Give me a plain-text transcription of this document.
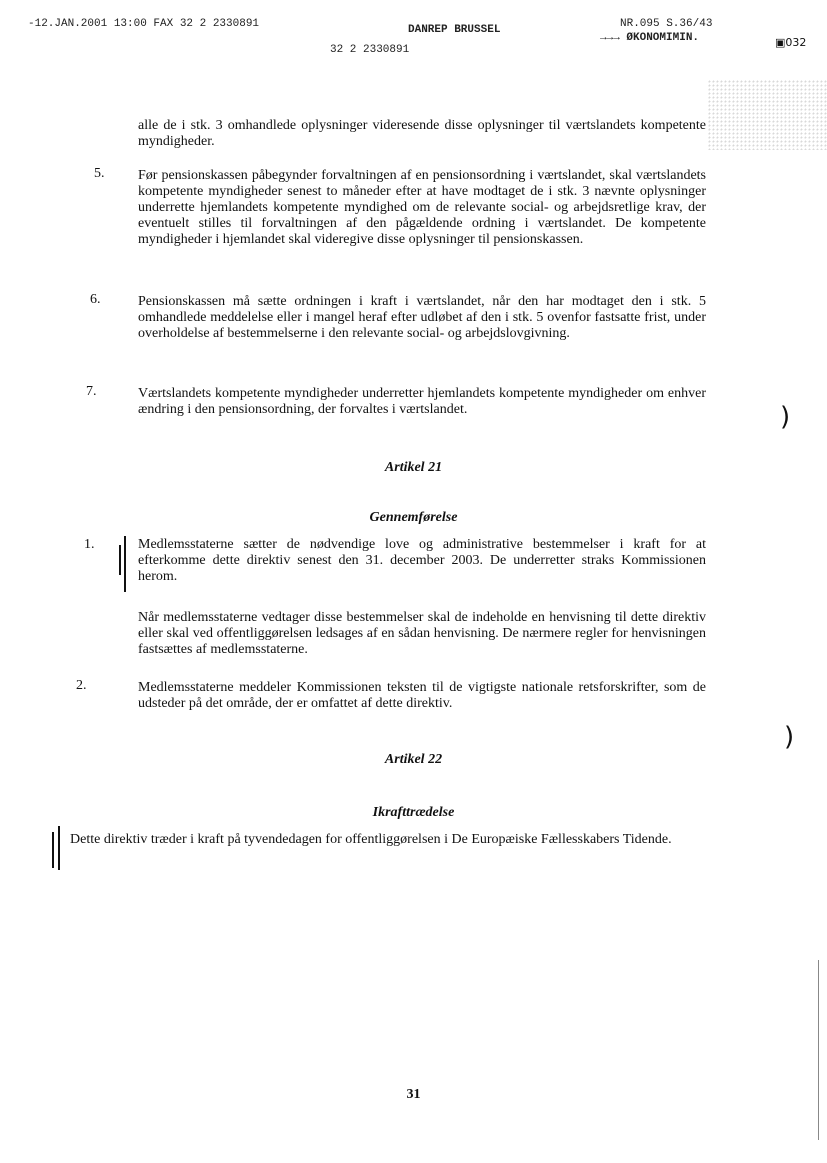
-12.JAN.2001 13:00 FAX 32 2 2330891	DANREP BRUSSEL
32 2 2330891
NR.095 S.36/43
→→→ ØKONOMIMIN.	▣032
alle de i stk. 3 omhandlede oplysninger videresende disse oplysninger til værtslandets kompetente myndigheder.
5. Før pensionskassen påbegynder forvaltningen af en pensionsordning i værtslandet, skal værtslandets kompetente myndigheder senest to måneder efter at have modtaget de i stk. 3 nævnte oplysninger underrette hjemlandets kompetente myndighed om de relevante social- og arbejdsretlige krav, der eventuelt stilles til forvaltningen af den pågældende ordning i værtslandet. De kompetente myndigheder i hjemlandet skal videregive disse oplysninger til pensionskassen.
6.	Pensionskassen må sætte ordningen i kraft i værtslandet, når den har modtaget den i stk. 5 omhandlede meddelelse eller i mangel heraf efter udløbet af den i stk. 5 ovenfor fastsatte frist, under overholdelse af bestemmelserne i den relevante social- og arbejdslovgivning.
7.	Værtslandets kompetente myndigheder underretter hjemlandets kompetente myndigheder om enhver ændring i den pensionsordning, der forvaltes i værtslandet.	)
Artikel 21
Gennemførelse
1.	Medlemsstaterne sætter de nødvendige love og administrative bestemmelser i kraft for at efterkomme dette direktiv senest den 31. december 2003. De underretter straks Kommissionen herom.
Når medlemsstaterne vedtager disse bestemmelser skal de indeholde en henvisning til dette direktiv eller skal ved offentliggørelsen ledsages af en sådan henvisning. De nærmere regler for henvisningen fastsættes af medlemsstaterne.
2.	Medlemsstaterne meddeler Kommissionen teksten til de vigtigste nationale retsforskrifter, som de udsteder på det område, der er omfattet af dette direktiv.
)
Artikel 22
Ikrafttrædelse
Dette direktiv træder i kraft på tyvendedagen for offentliggørelsen i De Europæiske Fællesskabers Tidende.
31
